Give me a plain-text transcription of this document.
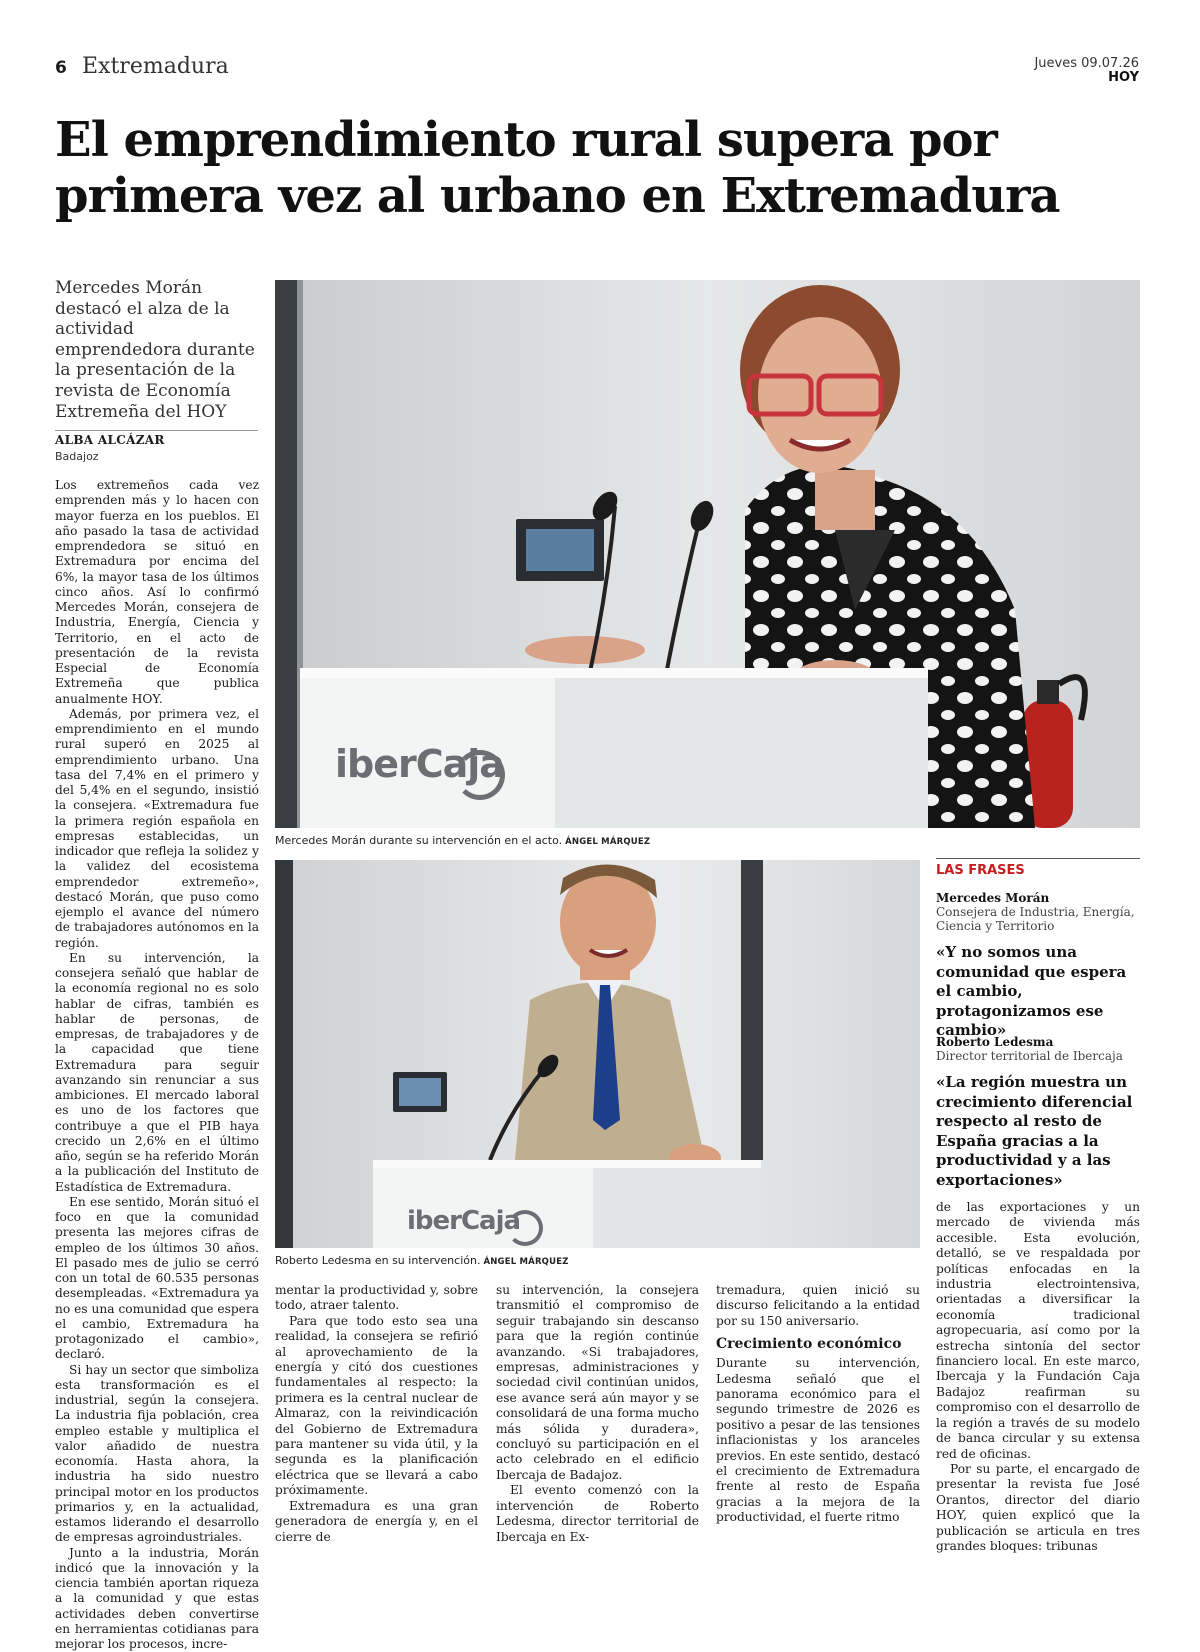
6 Extremadura	Jueves 09.07.26
HOY
El emprendimiento rural supera por
primera vez al urbano en Extremadura

Mercedes Morán destacó el alza de la actividad emprendedora durante la presentación de la revista de Economía Extremeña del HOY

ALBA ALCÁZAR
Badajoz

Los extremeños cada vez emprenden más y lo hacen con mayor fuerza en los pueblos. El año pasado la tasa de actividad emprendedora se situó en Extremadura por encima del 6%, la mayor tasa de los últimos cinco años. Así lo confirmó Mercedes Morán, consejera de Industria, Energía, Ciencia y Territorio, en el acto de presentación de la revista Especial de Economía Extremeña que publica anualmente HOY.

Además, por primera vez, el emprendimiento en el mundo rural superó en 2025 al emprendimiento urbano. Una tasa del 7,4% en el primero y del 5,4% en el segundo, insistió la consejera. «Extremadura fue la primera región española en empresas establecidas, un indicador que refleja la solidez y la validez del ecosistema emprendedor extremeño», destacó Morán, que puso como ejemplo el avance del número de trabajadores autónomos en la región.

En su intervención, la consejera señaló que hablar de la economía regional no es solo hablar de cifras, también es hablar de personas, de empresas, de trabajadores y de la capacidad que tiene Extremadura para seguir avanzando sin renunciar a sus ambiciones. El mercado laboral es uno de los factores que contribuye a que el PIB haya crecido un 2,6% en el último año, según se ha referido Morán a la publicación del Instituto de Estadística de Extremadura.

En ese sentido, Morán situó el foco en que la comunidad presenta las mejores cifras de empleo de los últimos 30 años. El pasado mes de julio se cerró con un total de 60.535 personas desempleadas. «Extremadura ya no es una comunidad que espera el cambio, Extremadura ha protagonizado el cambio», declaró.

Si hay un sector que simboliza esta transformación es el industrial, según la consejera. La industria fija población, crea empleo estable y multiplica el valor añadido de nuestra economía. Hasta ahora, la industria ha sido nuestro principal motor en los productos primarios y, en la actualidad, estamos liderando el desarrollo de empresas agroindustriales.

Junto a la industria, Morán indicó que la innovación y la ciencia también aportan riqueza a la comunidad y que estas actividades deben convertirse en herramientas cotidianas para mejorar los procesos, incre-

iberCaja
Mercedes Morán durante su intervención en el acto. ÁNGEL MÁRQUEZ
iberCaja
Roberto Ledesma en su intervención. ÁNGEL MÁRQUEZ
LAS FRASES
Mercedes Morán
Consejera de Industria, Energía, Ciencia y Territorio

«Y no somos una comunidad que espera el cambio, protagonizamos ese cambio»

Roberto Ledesma
Director territorial de Ibercaja

«La región muestra un crecimiento diferencial respecto al resto de España gracias a la productividad y a las exportaciones»

mentar la productividad y, sobre todo, atraer talento.

Para que todo esto sea una realidad, la consejera se refirió al aprovechamiento de la energía y citó dos cuestiones fundamentales al respecto: la primera es la central nuclear de Almaraz, con la reivindicación del Gobierno de Extremadura para mantener su vida útil, y la segunda es la planificación eléctrica que se llevará a cabo próximamente.

Extremadura es una gran generadora de energía y, en el cierre de

su intervención, la consejera transmitió el compromiso de seguir trabajando sin descanso para que la región continúe avanzando. «Si trabajadores, empresas, administraciones y sociedad civil continúan unidos, ese avance será aún mayor y se consolidará de una forma mucho más sólida y duradera», concluyó su participación en el acto celebrado en el edificio Ibercaja de Badajoz.

El evento comenzó con la intervención de Roberto Ledesma, director territorial de Ibercaja en Ex-

tremadura, quien inició su discurso felicitando a la entidad por su 150 aniversario.

Crecimiento económico

Durante su intervención, Ledesma señaló que el panorama económico para el segundo trimestre de 2026 es positivo a pesar de las tensiones inflacionistas y los aranceles previos. En este sentido, destacó el crecimiento de Extremadura frente al resto de España gracias a la mejora de la productividad, el fuerte ritmo

de las exportaciones y un mercado de vivienda más accesible. Esta evolución, detalló, se ve respaldada por políticas enfocadas en la industria electrointensiva, orientadas a diversificar la economía tradicional agropecuaria, así como por la estrecha sintonía del sector financiero local. En este marco, Ibercaja y la Fundación Caja Badajoz reafirman su compromiso con el desarrollo de la región a través de su modelo de banca circular y su extensa red de oficinas.

Por su parte, el encargado de presentar la revista fue José Orantos, director del diario HOY, quien explicó que la publicación se articula en tres grandes bloques: tribunas
